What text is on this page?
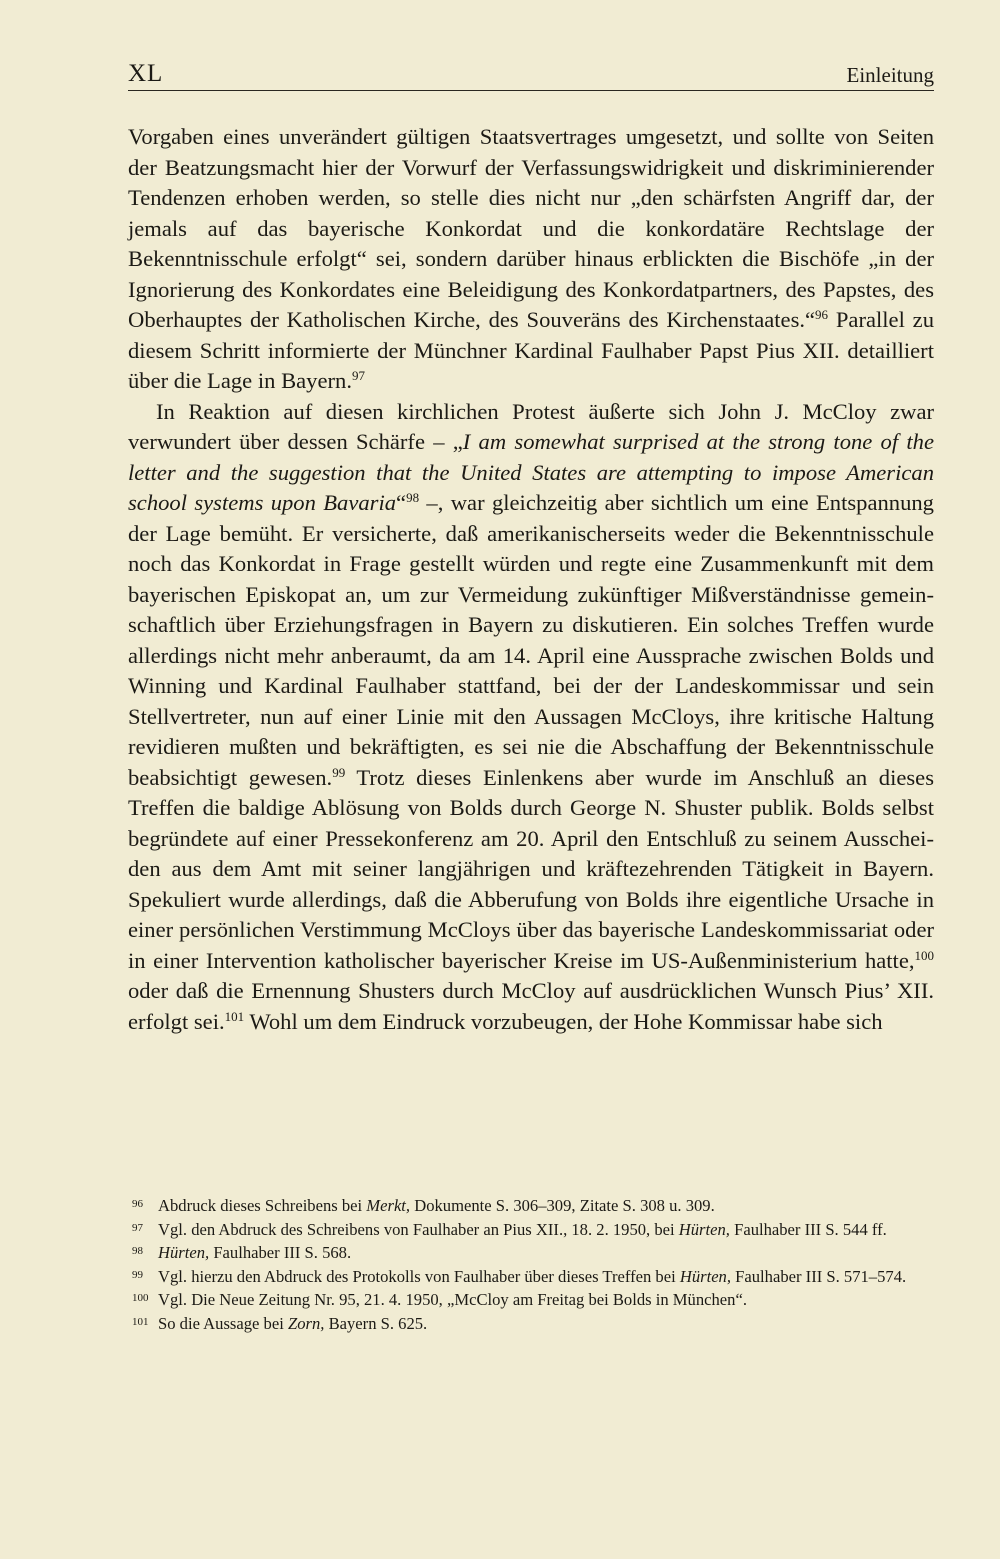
XL	Einleitung

Vorgaben eines unverändert gültigen Staatsvertrages umgesetzt, und sollte von Seiten der Beatzungsmacht hier der Vorwurf der Verfassungswidrigkeit und diskriminierender Tendenzen erhoben werden, so stelle dies nicht nur „den schärfsten Angriff dar, der jemals auf das bayerische Konkordat und die konkordatäre Rechtslage der Bekenntnisschule erfolgt“ sei, sondern darüber hinaus erblickten die Bischöfe „in der Ignorierung des Konkordates eine Beleidigung des Konkordatpartners, des Papstes, des Oberhauptes der Katholischen Kirche, des Souveräns des Kirchenstaates.“$^{96}$ Parallel zu diesem Schritt informierte der Münchner Kardinal Faulhaber Papst Pius XII. detailliert über die Lage in Bayern.$^{97}$

In Reaktion auf diesen kirchlichen Protest äußerte sich John J. McCloy zwar verwundert über dessen Schärfe – „I am somewhat surprised at the strong tone of the letter and the suggestion that the United States are attempting to impose American school systems upon Bavaria“$^{98}$ –, war gleichzeitig aber sichtlich um eine Entspannung der Lage bemüht. Er versicherte, daß amerikanischerseits weder die Bekenntnisschule noch das Konkordat in Frage gestellt würden und regte eine Zusammenkunft mit dem bayerischen Episkopat an, um zur Vermeidung zukünftiger Mißverständnisse gemeinschaftlich über Erziehungsfragen in Bayern zu diskutieren. Ein solches Treffen wurde allerdings nicht mehr anberaumt, da am 14. April eine Aussprache zwischen Bolds und Winning und Kardinal Faulhaber stattfand, bei der der Landeskommissar und sein Stellvertreter, nun auf einer Linie mit den Aussagen McCloys, ihre kritische Haltung revidieren mußten und bekräftigten, es sei nie die Abschaffung der Bekenntnisschule beabsichtigt gewesen.$^{99}$ Trotz dieses Einlenkens aber wurde im Anschluß an dieses Treffen die baldige Ablösung von Bolds durch George N. Shuster publik. Bolds selbst begründete auf einer Pressekonferenz am 20. April den Entschluß zu seinem Ausscheiden aus dem Amt mit seiner langjährigen und kräftezehrenden Tätigkeit in Bayern. Spekuliert wurde allerdings, daß die Abberufung von Bolds ihre eigentliche Ursache in einer persönlichen Verstimmung McCloys über das bayerische Landeskommissariat oder in einer Intervention katholischer bayerischer Kreise im US-Außenministerium hatte,$^{100}$ oder daß die Ernennung Shusters durch McCloy auf ausdrücklichen Wunsch Pius’ XII. erfolgt sei.$^{101}$ Wohl um dem Eindruck vorzubeugen, der Hohe Kommissar habe sich

96 Abdruck dieses Schreibens bei Merkt, Dokumente S. 306–309, Zitate S. 308 u. 309.
97 Vgl. den Abdruck des Schreibens von Faulhaber an Pius XII., 18. 2. 1950, bei Hürten, Faulhaber III S. 544 ff.
98 Hürten, Faulhaber III S. 568.
99 Vgl. hierzu den Abdruck des Protokolls von Faulhaber über dieses Treffen bei Hürten, Faulhaber III S. 571–574.
100 Vgl. Die Neue Zeitung Nr. 95, 21. 4. 1950, „McCloy am Freitag bei Bolds in München“.
101 So die Aussage bei Zorn, Bayern S. 625.
